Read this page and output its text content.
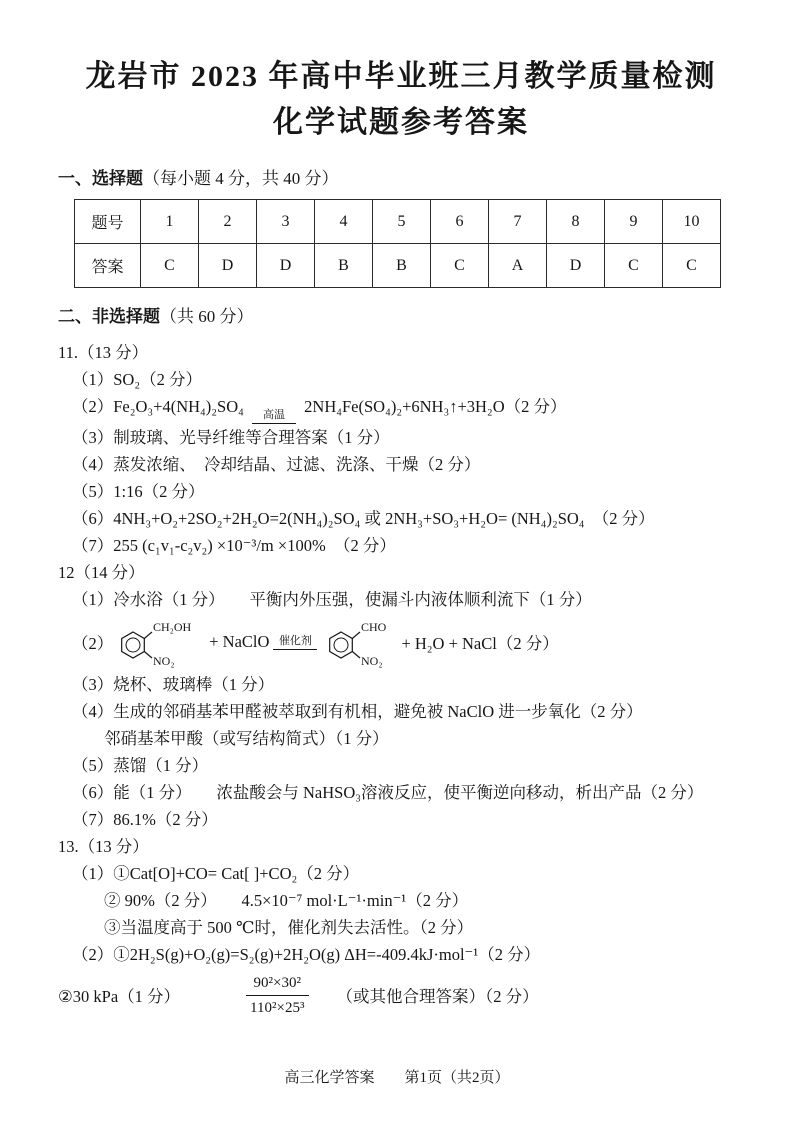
龙岩市 2023 年高中毕业班三月教学质量检测
化学试题参考答案
一、选择题（每小题 4 分，共 40 分）
题号	1	2	3	4	5	6	7	8	9	10
答案	C	D	D	B	B	C	A	D	C	C
二、非选择题（共 60 分）
11.（13 分）
（1）SO₂（2 分）
（2）Fe₂O₃+4(NH₄)₂SO₄ 高温 2NH₄Fe(SO₄)₂+6NH₃↑+3H₂O（2 分）
（3）制玻璃、光导纤维等合理答案（1 分）
（4）蒸发浓缩、　冷却结晶、过滤、洗涤、干燥（2 分）
（5）1:16（2 分）
（6）4NH₃+O₂+2SO₂+2H₂O=2(NH₄)₂SO₄ 或 2NH₃+SO₃+H₂O= (NH₄)₂SO₄　（2 分）
（7）255 (c₁v₁-c₂v₂) ×10⁻³/m ×100%　（2 分）
12（14 分）
（1）冷水浴（1 分）　　平衡内外压强，使漏斗内液体顺利流下（1 分）
（2）
CH₂OH
NO₂
+ NaClO 催化剂
CHO
NO₂
+ H₂O + NaCl（2 分）
（3）烧杯、玻璃棒（1 分）
（4）生成的邻硝基苯甲醛被萃取到有机相，避免被 NaClO 进一步氧化（2 分）
邻硝基苯甲酸（或写结构简式）（1 分）
（5）蒸馏（1 分）
（6）能（1 分）　　浓盐酸会与 NaHSO₃溶液反应，使平衡逆向移动，析出产品（2 分）
（7）86.1%（2 分）
13.（13 分）
（1）①Cat[O]+CO= Cat[ ]+CO₂（2 分）
② 90%（2 分）　　4.5×10⁻⁷ mol·L⁻¹·min⁻¹（2 分）
③当温度高于 500 ℃时，催化剂失去活性。（2 分）
（2）①2H₂S(g)+O₂(g)=S₂(g)+2H₂O(g) ΔH=-409.4kJ·mol⁻¹（2 分）
②30 kPa（1 分）	$\frac{\text{90²×30²}}{\text{110²×25³}}$ （或其他合理答案）（2 分）
高三化学答案　　第1页（共2页）
